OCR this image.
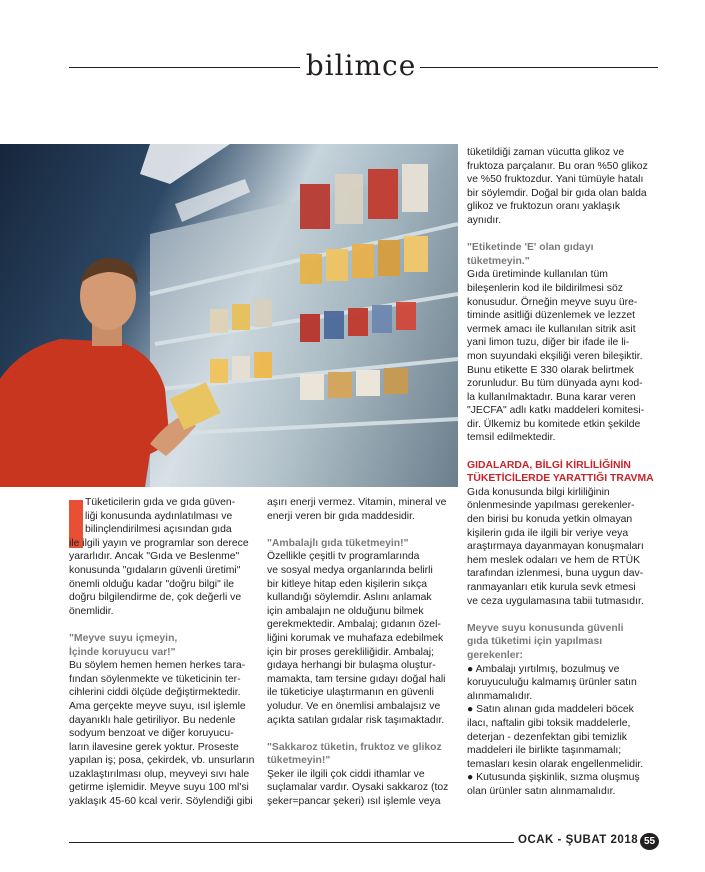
bilimce

Tüketicilerin gıda ve gıda güven-
liği konusunda aydınlatılması ve
bilinçlendirilmesi açısından gıda
ile ilgili yayın ve programlar son derece
yararlıdır. Ancak "Gıda ve Beslenme"
konusunda "gıdaların güvenli üretimi"
önemli olduğu kadar "doğru bilgi" ile
doğru bilgilendirme de, çok değerli ve
önemlidir.

"Meyve suyu içmeyin,
İçinde koruyucu var!"

Bu söylem hemen hemen herkes tara-
fından söylenmekte ve tüketicinin ter-
cihlerini ciddi ölçüde değiştirmektedir.
Ama gerçekte meyve suyu, ısıl işlemle
dayanıklı hale getiriliyor. Bu nedenle
sodyum benzoat ve diğer koruyucu-
ların ilavesine gerek yoktur. Proseste
yapılan iş; posa, çekirdek, vb. unsurların
uzaklaştırılması olup, meyveyi sıvı hale
getirme işlemidir. Meyve suyu 100 ml'si
yaklaşık 45-60 kcal verir. Söylendiği gibi

aşırı enerji vermez. Vitamin, mineral ve
enerji veren bir gıda maddesidir.

"Ambalajlı gıda tüketmeyin!"

Özellikle çeşitli tv programlarında
ve sosyal medya organlarında belirli
bir kitleye hitap eden kişilerin sıkça
kullandığı söylemdir. Aslını anlamak
için ambalajın ne olduğunu bilmek
gerekmektedir. Ambalaj; gıdanın özel-
liğini korumak ve muhafaza edebilmek
için bir proses gerekliliğidir. Ambalaj;
gıdaya herhangi bir bulaşma oluştur-
mamakta, tam tersine gıdayı doğal hali
ile tüketiciye ulaştırmanın en güvenli
yoludur. Ve en önemlisi ambalajsız ve
açıkta satılan gıdalar risk taşımaktadır.

"Sakkaroz tüketin, fruktoz ve glikoz
tüketmeyin!"

Şeker ile ilgili çok ciddi ithamlar ve
suçlamalar vardır. Oysaki sakkaroz (toz
şeker=pancar şekeri) ısıl işlemle veya

tüketildiği zaman vücutta glikoz ve
fruktoza parçalanır. Bu oran %50 glikoz
ve %50 fruktozdur. Yani tümüyle hatalı
bir söylemdir. Doğal bir gıda olan balda
glikoz ve fruktozun oranı yaklaşık
aynıdır.

"Etiketinde 'E' olan gıdayı
tüketmeyin."

Gıda üretiminde kullanılan tüm
bileşenlerin kod ile bildirilmesi söz
konusudur. Örneğin meyve suyu üre-
timinde asitliği düzenlemek ve lezzet
vermek amacı ile kullanılan sitrik asit
yani limon tuzu, diğer bir ifade ile li-
mon suyundaki ekşiliği veren bileşiktir.
Bunu etikette E 330 olarak belirtmek
zorunludur. Bu tüm dünyada aynı kod-
la kullanılmaktadır. Buna karar veren
"JECFA" adlı katkı maddeleri komitesi-
dir. Ülkemiz bu komitede etkin şekilde
temsil edilmektedir.

GIDALARDA, BİLGİ KİRLİLİĞİNİN
TÜKETİCİLERDE YARATTIĞI TRAVMA

Gıda konusunda bilgi kirliliğinin
önlenmesinde yapılması gerekenler-
den birisi bu konuda yetkin olmayan
kişilerin gıda ile ilgili bir veriye veya
araştırmaya dayanmayan konuşmaları
hem meslek odaları ve hem de RTÜK
tarafından izlenmesi, buna uygun dav-
ranmayanları etik kurula sevk etmesi
ve ceza uygulamasına tabii tutmasıdır.

Meyve suyu konusunda güvenli
gıda tüketimi için yapılması
gerekenler:

● Ambalajı yırtılmış, bozulmuş ve
koruyuculuğu kalmamış ürünler satın
alınmamalıdır.
● Satın alınan gıda maddeleri böcek
ilacı, naftalin gibi toksik maddelerle,
deterjan - dezenfektan gibi temizlik
maddeleri ile birlikte taşınmamalı;
temasları kesin olarak engellenmelidir.
● Kutusunda şişkinlik, sızma oluşmuş
olan ürünler satın alınmamalıdır.

OCAK - ŞUBAT 2018 55
